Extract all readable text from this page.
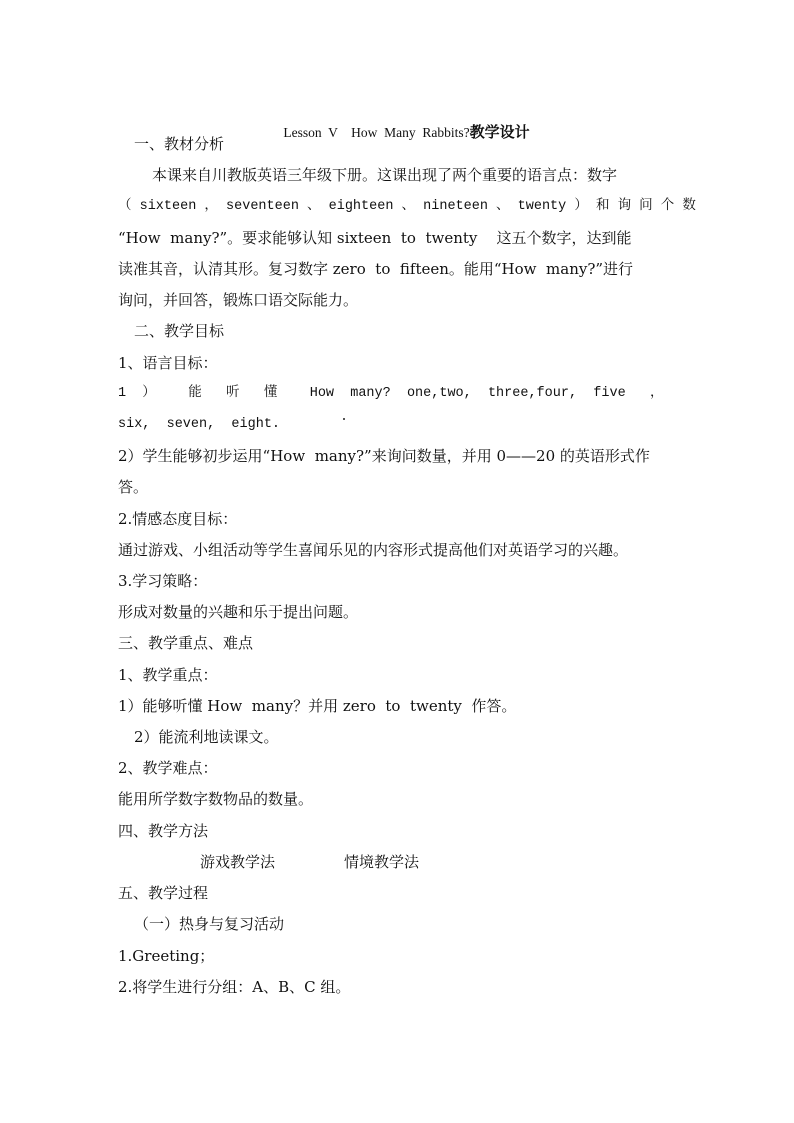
Lesson  V    How  Many  Rabbits?教学设计

一、教材分析
本课来自川教版英语三年级下册。这课出现了两个重要的语言点：数字
（ sixteen ， seventeen 、 eighteen 、 nineteen 、 twenty ） 和 询 问 个 数
“How  many?”。要求能够认知 sixteen  to  twenty    这五个数字，达到能
读准其音，认清其形。复习数字 zero  to  fifteen。能用“How  many?”进行
询问，并回答，锻炼口语交际能力。
二、教学目标
1、语言目标：
1  ）    能   听   懂    How  many?  one,two,  three,four,  five   ，
six,  seven,  eight.
2）学生能够初步运用“How  many?”来询问数量，并用 0——20 的英语形式作
答。
2.情感态度目标：
通过游戏、小组活动等学生喜闻乐见的内容形式提高他们对英语学习的兴趣。
3.学习策略：
形成对数量的兴趣和乐于提出问题。
三、教学重点、难点
1、教学重点：
1）能够听懂 How  many？并用 zero  to  twenty  作答。
2）能流利地读课文。
2、教学难点：
能用所学数字数物品的数量。
四、教学方法
游戏教学法	情境教学法
五、教学过程
（一）热身与复习活动
1.Greeting；
2.将学生进行分组：A、B、C 组。
